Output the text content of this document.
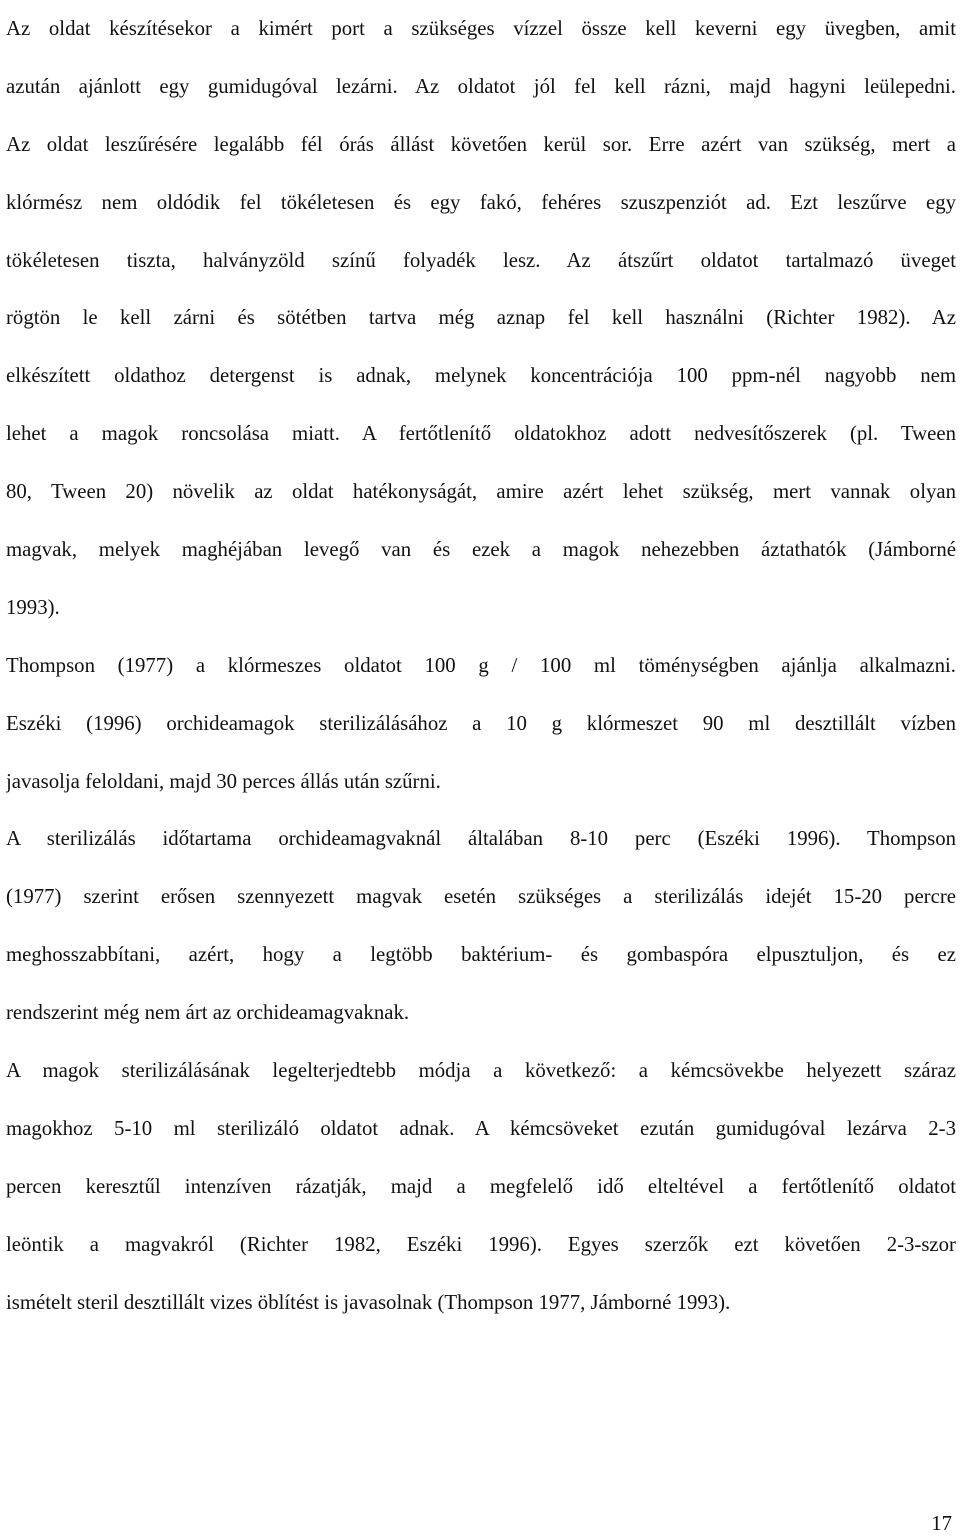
Az oldat készítésekor a kimért port a szükséges vízzel össze kell keverni egy üvegben, amit
azután ajánlott egy gumidugóval lezárni. Az oldatot jól fel kell rázni, majd hagyni leülepedni.
Az oldat leszűrésére legalább fél órás állást követően kerül sor. Erre azért van szükség, mert a
klórmész nem oldódik fel tökéletesen és egy fakó, fehéres szuszpenziót ad. Ezt leszűrve egy
tökéletesen tiszta, halványzöld színű folyadék lesz. Az átszűrt oldatot tartalmazó üveget
rögtön le kell zárni és sötétben tartva még aznap fel kell használni (Richter 1982). Az
elkészített oldathoz detergenst is adnak, melynek koncentrációja 100 ppm-nél nagyobb nem
lehet a magok roncsolása miatt. A fertőtlenítő oldatokhoz adott nedvesítőszerek (pl. Tween
80, Tween 20) növelik az oldat hatékonyságát, amire azért lehet szükség, mert vannak olyan
magvak, melyek maghéjában levegő van és ezek a magok nehezebben áztathatók (Jámborné
1993).
Thompson (1977) a klórmeszes oldatot 100 g / 100 ml töménységben ajánlja alkalmazni.
Eszéki (1996) orchideamagok sterilizálásához a 10 g klórmeszet 90 ml desztillált vízben
javasolja feloldani, majd 30 perces állás után szűrni.
A sterilizálás időtartama orchideamagvaknál általában 8-10 perc (Eszéki 1996). Thompson
(1977) szerint erősen szennyezett magvak esetén szükséges a sterilizálás idejét 15-20 percre
meghosszabbítani, azért, hogy a legtöbb baktérium- és gombaspóra elpusztuljon, és ez
rendszerint még nem árt az orchideamagvaknak.
A magok sterilizálásának legelterjedtebb módja a következő: a kémcsövekbe helyezett száraz
magokhoz 5-10 ml sterilizáló oldatot adnak. A kémcsöveket ezután gumidugóval lezárva 2-3
percen keresztűl intenzíven rázatják, majd a megfelelő idő elteltével a fertőtlenítő oldatot
leöntik a magvakról (Richter 1982, Eszéki 1996). Egyes szerzők ezt követően 2-3-szor
ismételt steril desztillált vizes öblítést is javasolnak (Thompson 1977, Jámborné 1993).
17
